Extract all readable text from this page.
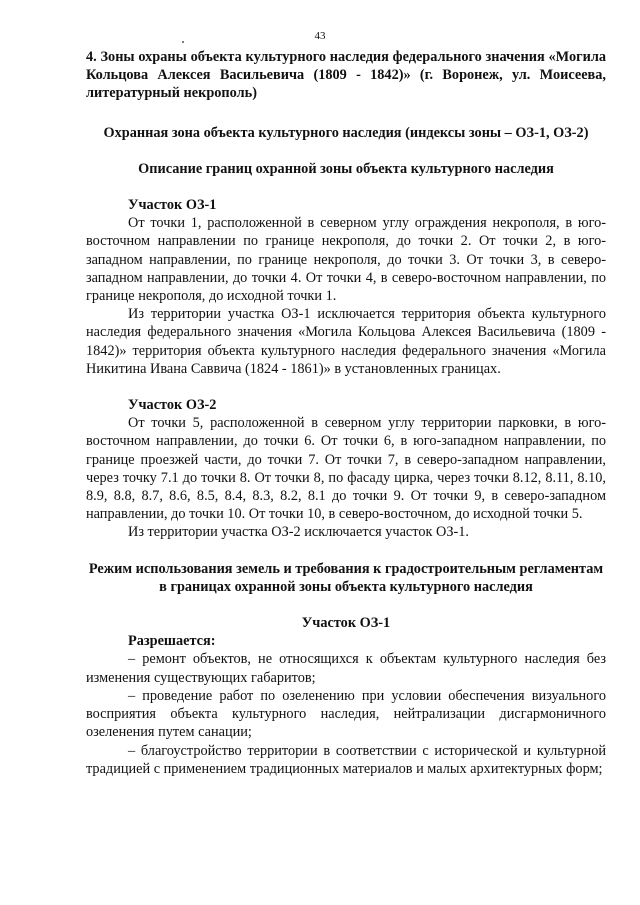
43

4. Зоны охраны объекта культурного наследия федерального значения «Могила Кольцова Алексея Васильевича (1809 - 1842)» (г. Воронеж, ул. Моисеева, литературный некрополь)

Охранная зона объекта культурного наследия (индексы зоны – ОЗ-1, ОЗ-2)

Описание границ охранной зоны объекта культурного наследия

Участок ОЗ-1

От точки 1, расположенной в северном углу ограждения некрополя, в юго-восточном направлении по границе некрополя, до точки 2. От точки 2, в юго-западном направлении, по границе некрополя, до точки 3. От точки 3, в северо-западном направлении, до точки 4. От точки 4, в северо-восточном направлении, по границе некрополя, до исходной точки 1.

Из территории участка ОЗ-1 исключается территория объекта культурного наследия федерального значения «Могила Кольцова Алексея Васильевича (1809 - 1842)» территория объекта культурного наследия федерального значения «Могила Никитина Ивана Саввича (1824 - 1861)» в установленных границах.

Участок ОЗ-2

От точки 5, расположенной в северном углу территории парковки, в юго-восточном направлении, до точки 6. От точки 6, в юго-западном направлении, по границе проезжей части, до точки 7. От точки 7, в северо-западном направлении, через точку 7.1 до точки 8. От точки 8, по фасаду цирка, через точки 8.12, 8.11, 8.10, 8.9, 8.8, 8.7, 8.6, 8.5, 8.4, 8.3, 8.2, 8.1 до точки 9. От точки 9, в северо-западном направлении, до точки 10. От точки 10, в северо-восточном, до исходной точки 5.

Из территории участка ОЗ-2 исключается участок ОЗ-1.

Режим использования земель и требования к градостроительным регламентам в границах охранной зоны объекта культурного наследия

Участок ОЗ-1

Разрешается:

– ремонт объектов, не относящихся к объектам культурного наследия без изменения существующих габаритов;

– проведение работ по озеленению при условии обеспечения визуального восприятия объекта культурного наследия, нейтрализации дисгармоничного озеленения путем санации;

– благоустройство территории в соответствии с исторической и культурной традицией с применением традиционных материалов и малых архитектурных форм;
